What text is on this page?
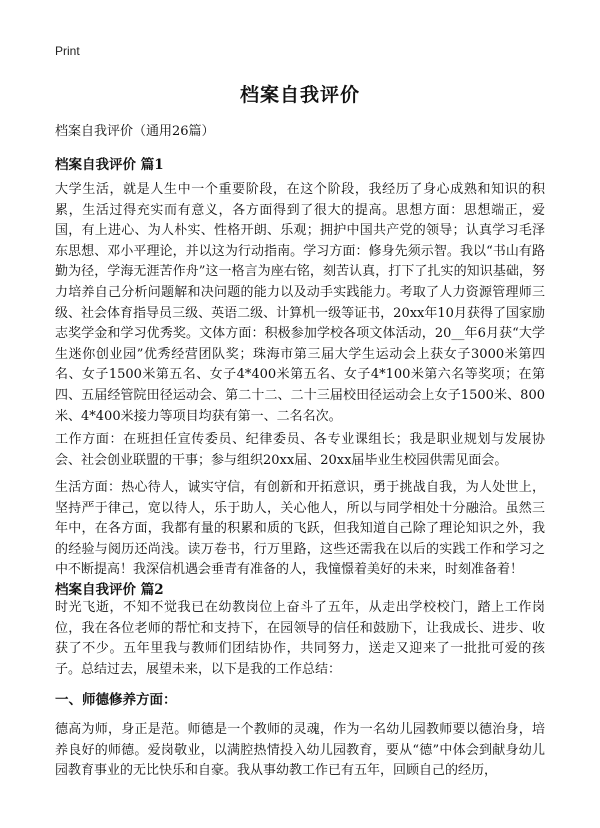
Print
档案自我评价

档案自我评价（通用26篇）

档案自我评价 篇1

大学生活，就是人生中一个重要阶段，在这个阶段，我经历了身心成熟和知识的积累，生活过得充实而有意义，各方面得到了很大的提高。思想方面：思想端正，爱国，有上进心、为人朴实、性格开朗、乐观；拥护中国共产党的领导；认真学习毛泽东思想、邓小平理论，并以这为行动指南。学习方面：修身先须示智。我以“书山有路勤为径，学海无涯苦作舟”这一格言为座右铭，刻苦认真，打下了扎实的知识基础，努力培养自己分析问题解和决问题的能力以及动手实践能力。考取了人力资源管理师三级、社会体育指导员三级、英语二级、计算机一级等证书，20xx年10月获得了国家励志奖学金和学习优秀奖。文体方面：积极参加学校各项文体活动，20__年6月获“大学生迷你创业园”优秀经营团队奖；珠海市第三届大学生运动会上获女子3000米第四名、女子1500米第五名、女子4*400米第五名、女子4*100米第六名等奖项；在第四、五届经管院田径运动会、第二十二、二十三届校田径运动会上女子1500米、800米、4*400米接力等项目均获有第一、二名名次。

工作方面：在班担任宣传委员、纪律委员、各专业课组长；我是职业规划与发展协会、社会创业联盟的干事；参与组织20xx届、20xx届毕业生校园供需见面会。

生活方面：热心待人，诚实守信，有创新和开拓意识，勇于挑战自我，为人处世上，坚持严于律己，宽以待人，乐于助人，关心他人，所以与同学相处十分融洽。虽然三年中，在各方面，我都有量的积累和质的飞跃，但我知道自己除了理论知识之外，我的经验与阅历还尚浅。读万卷书，行万里路，这些还需我在以后的实践工作和学习之中不断提高！我深信机遇会垂青有准备的人，我憧憬着美好的未来，时刻准备着！

档案自我评价 篇2

时光飞逝，不知不觉我已在幼教岗位上奋斗了五年，从走出学校校门，踏上工作岗位，我在各位老师的帮忙和支持下，在园领导的信任和鼓励下，让我成长、进步、收获了不少。五年里我与教师们团结协作，共同努力，送走又迎来了一批批可爱的孩子。总结过去，展望未来，以下是我的工作总结：

一、师德修养方面：

德高为师，身正是范。师德是一个教师的灵魂，作为一名幼儿园教师要以德治身，培养良好的师德。爱岗敬业，以满腔热情投入幼儿园教育，要从“德”中体会到献身幼儿园教育事业的无比快乐和自豪。我从事幼教工作已有五年，回顾自己的经历，
